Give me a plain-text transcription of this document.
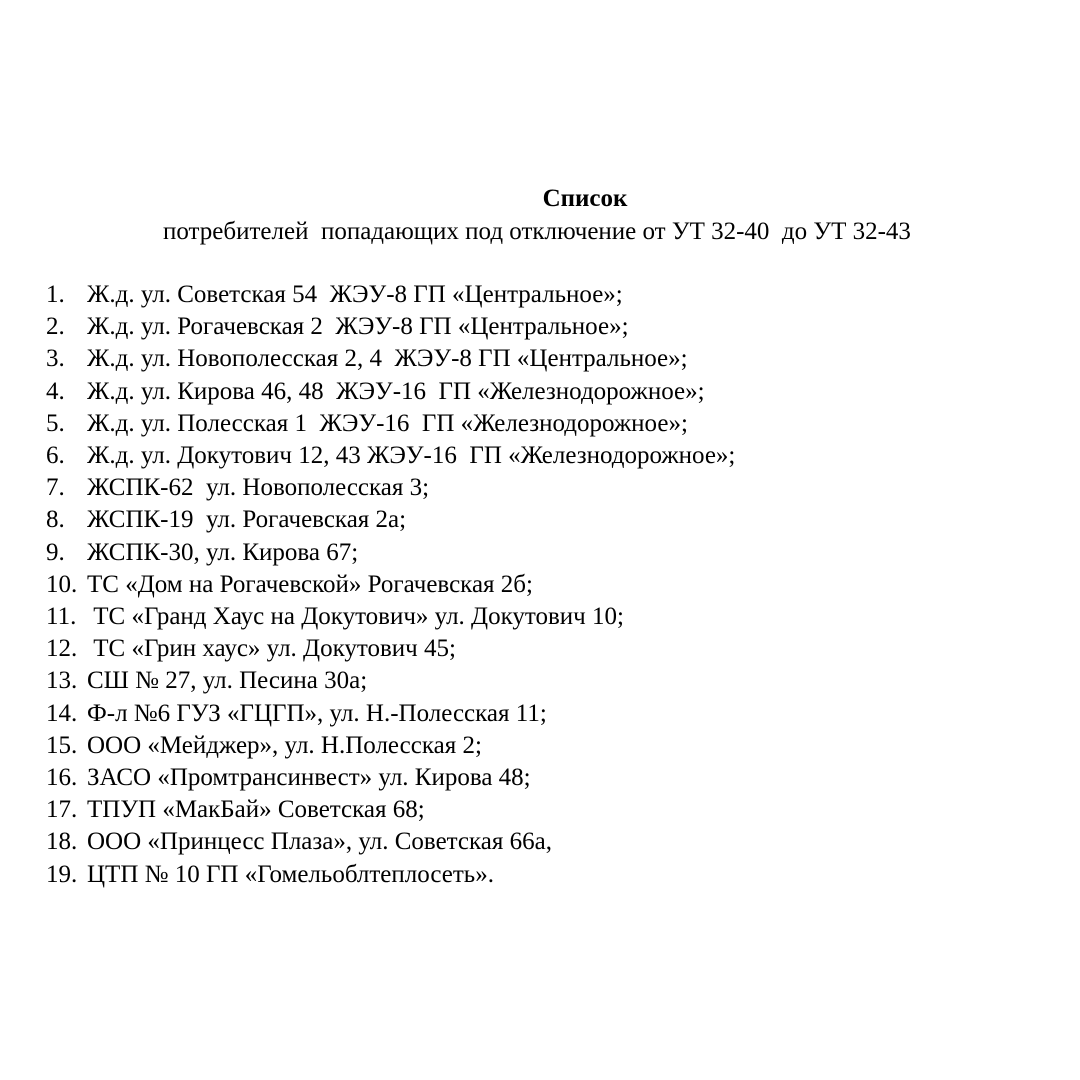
Список

потребителей  попадающих под отключение от УТ 32-40  до УТ 32-43

1. Ж.д. ул. Советская 54  ЖЭУ-8 ГП «Центральное»;
2. Ж.д. ул. Рогачевская 2  ЖЭУ-8 ГП «Центральное»;
3. Ж.д. ул. Новополесская 2, 4  ЖЭУ-8 ГП «Центральное»;
4. Ж.д. ул. Кирова 46, 48  ЖЭУ-16  ГП «Железнодорожное»;
5. Ж.д. ул. Полесская 1  ЖЭУ-16  ГП «Железнодорожное»;
6. Ж.д. ул. Докутович 12, 43 ЖЭУ-16  ГП «Железнодорожное»;
7. ЖСПК-62  ул. Новополесская 3;
8. ЖСПК-19  ул. Рогачевская 2а;
9. ЖСПК-30, ул. Кирова 67;
10. ТС «Дом на Рогачевской» Рогачевская 2б;
11. ТС «Гранд Хаус на Докутович» ул. Докутович 10;
12. ТС «Грин хаус» ул. Докутович 45;
13. СШ № 27, ул. Песина 30а;
14. Ф-л №6 ГУЗ «ГЦГП», ул. Н.-Полесская 11;
15. ООО «Мейджер», ул. Н.Полесская 2;
16. ЗАСО «Промтрансинвест» ул. Кирова 48;
17. ТПУП «МакБай» Советская 68;
18. ООО «Принцесс Плаза», ул. Советская 66а,
19. ЦТП № 10 ГП «Гомельоблтеплосеть».
